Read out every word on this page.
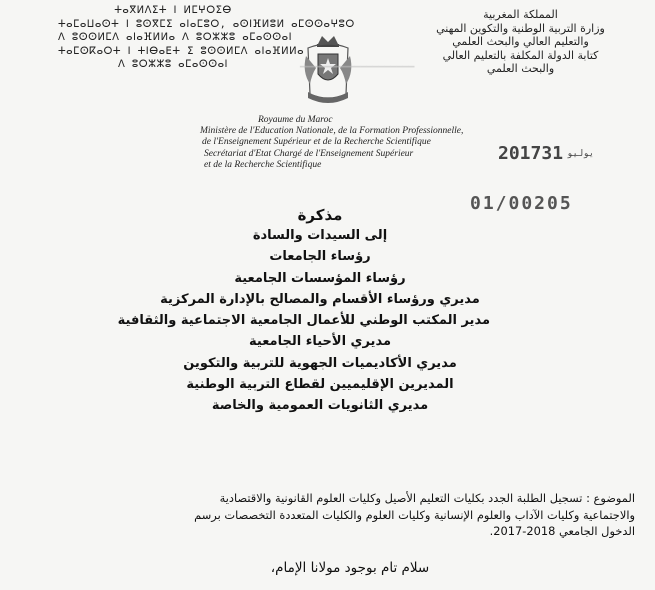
ⵜⴰⴳⵍⴷⵉⵜ ⵏ ⵍⵎⵖⵔⵉⴱ
ⵜⴰⵎⴰⵡⴰⵙⵜ ⵏ ⵓⵙⴳⵎⵉ ⴰⵏⴰⵎⵓⵔ, ⴰⵙⵏⴼⵍⵓⵍ ⴰⵎⵙⵙⴰⵖⵓⵔ
ⴷ ⵓⵙⵙⵍⵎⴷ ⴰⵏⴰⴼⵍⵍⴰ ⴷ ⵓⵔⵣⵣⵓ ⴰⵎⴰⵙⵙⴰⵏ
ⵜⴰⵎⵙⴽⴰⵔⵜ ⵏ ⵜⵏⴱⴰⴹⵜ ⵉ ⵓⵙⵙⵍⵎⴷ ⴰⵏⴰⴼⵍⵍⴰ
ⴷ ⵓⵔⵣⵣⵓ ⴰⵎⴰⵙⵙⴰⵏ
المملكة المغربية
وزارة التربية الوطنية والتكوين المهني
والتعليم العالي والبحث العلمي
كتابة الدولة المكلفة بالتعليم العالي
والبحث العلمي
Royaume du Maroc
Ministère de l'Education Nationale, de la Formation Professionnelle,
de l'Enseignement Supérieur et de la Recherche Scientifique
Secrétariat d'Etat Chargé de l'Enseignement Supérieur
et de la Recherche Scientifique
2017	يوليو31
01/00205
━━━━━━━━━━━━━━━━━━━
مذكرة
إلى السيدات والسادة
رؤساء الجامعات
رؤساء المؤسسات الجامعية
مديري ورؤساء الأقسام والمصالح بالإدارة المركزية
مدير المكتب الوطني للأعمال الجامعية الاجتماعية والثقافية
مديري الأحياء الجامعية
مديري الأكاديميات الجهوية للتربية والتكوين
المديرين الإقليميين لقطاع التربية الوطنية
مديري الثانويات العمومية والخاصة
الموضوع : تسجيل الطلبة الجدد بكليات التعليم الأصيل وكليات العلوم القانونية والاقتصادية
والاجتماعية وكليات الآداب والعلوم الإنسانية وكليات العلوم والكليات المتعددة التخصصات برسم
الدخول الجامعي 2018-2017.
سلام تام بوجود مولانا الإمام،
